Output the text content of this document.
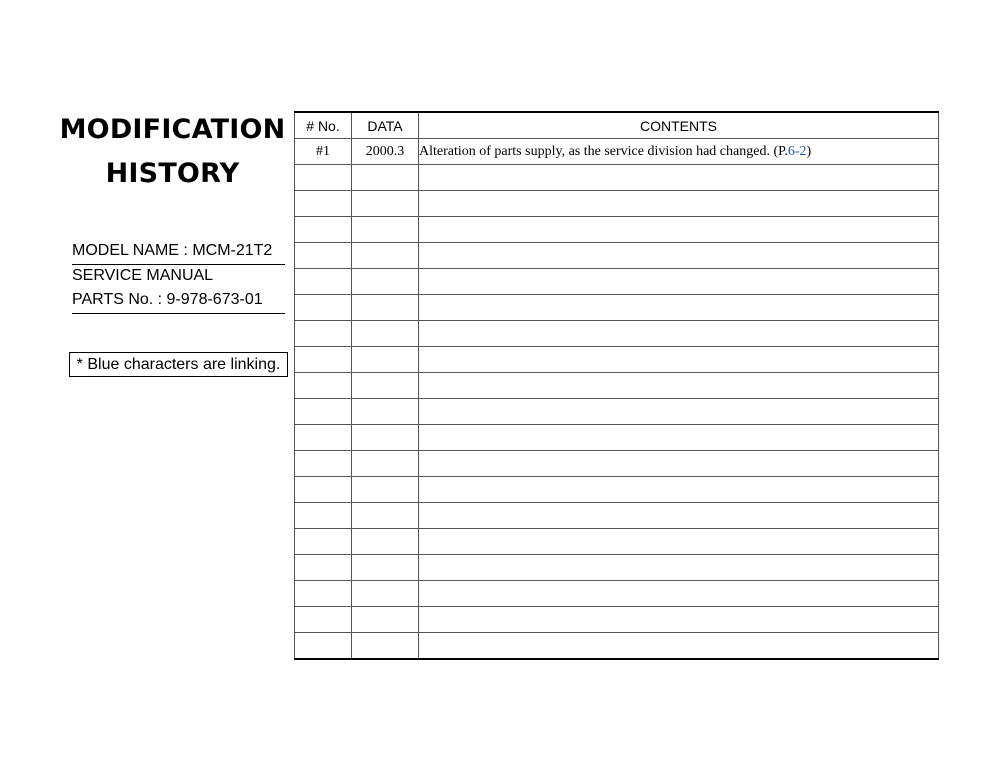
MODIFICATION
HISTORY
MODEL NAME : MCM-21T2
SERVICE MANUAL
PARTS No. : 9-978-673-01
* Blue characters are linking.
# No.	DATA	CONTENTS
#1	2000.3	Alteration of parts supply, as the service division had changed. (P.6-2)
